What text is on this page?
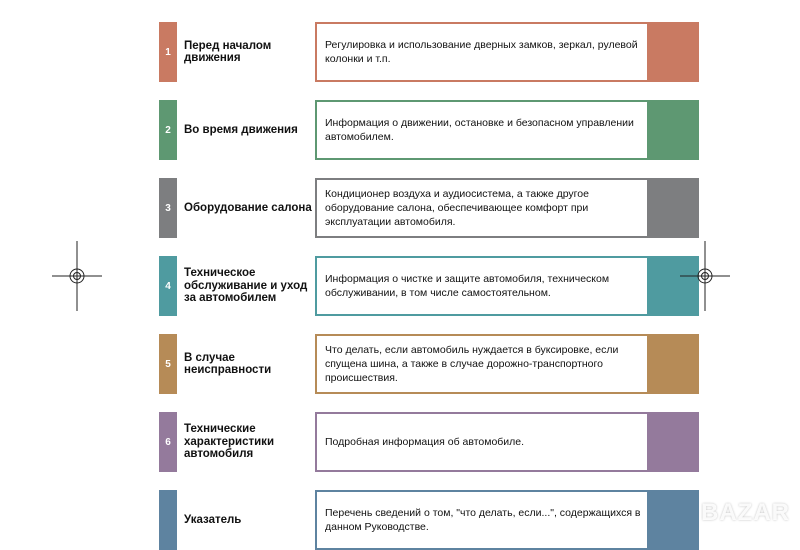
1
Перед началом движения
Регулировка и использование дверных замков, зеркал, рулевой колонки и т.п.
2	Во время движения
Информация о движении, остановке и безопасном управлении автомобилем.
3	Оборудование салона
Кондиционер воздуха и аудиосистема, а также другое оборудование салона, обеспечивающее комфорт при эксплуатации автомобиля.
4
Техническое обслуживание и уход за автомобилем
Информация о чистке и защите автомобиля, техническом обслуживании, в том числе самостоятельном.
5
В случае неисправности
Что делать, если автомобиль нуждается в буксировке, если спущена шина, а также в случае дорожно-транспортного происшествия.
6
Технические характеристики автомобиля
Подробная информация об автомобиле.
Указатель
Перечень сведений о том, "что делать, если...", содержащихся в данном Руководстве.
BAZAR
